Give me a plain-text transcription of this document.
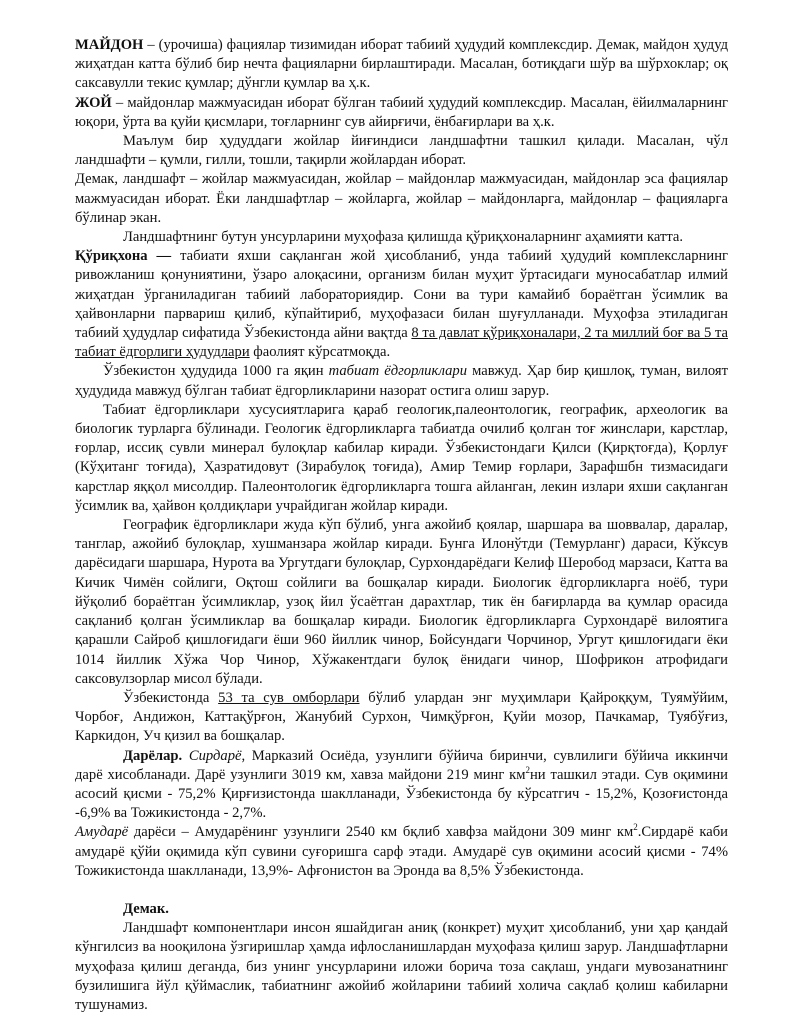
МАЙДОН – (урочиша) фациялар тизимидан иборат табиий ҳудудий комплексдир. Демак, майдон ҳудуд жиҳатдан катта бўлиб бир нечта фацияларни бирлаштиради. Масалан, ботиқдаги шўр ва шўрхоклар; оқ саксавулли текис қумлар; дўнгли қумлар ва ҳ.к.

ЖОЙ – майдонлар мажмуасидан иборат бўлган табиий ҳудудий комплексдир. Масалан, ёйилмаларнинг юқори, ўрта ва қуйи қисмлари, тоғларнинг сув айирғичи, ёнбағирлари ва ҳ.к.

Маълум бир ҳудуддаги жойлар йиғиндиси ландшафтни ташкил қилади. Масалан, чўл ландшафти – қумли, гилли, тошли, тақирли жойлардан иборат.

Демак, ландшафт – жойлар мажмуасидан, жойлар – майдонлар мажмуасидан, майдонлар эса фациялар мажмуасидан иборат. Ёки ландшафтлар – жойларга, жойлар – майдонларга, майдонлар – фацияларга бўлинар экан.

Ландшафтнинг бутун унсурларини муҳофаза қилишда қўриқхоналарнинг аҳамияти катта.

Қўриқхона — табиати яхши сақланган жой ҳисобланиб, унда табиий ҳудудий комплексларнинг ривожланиш қонуниятини, ўзаро алоқасини, организм билан муҳит ўртасидаги муносабатлар илмий жиҳатдан ўрганиладиган табиий лабораториядир. Сони ва тури камайиб бораётган ўсимлик ва ҳайвонларни парвариш қилиб, кўпайтириб, муҳофазаси билан шуғулланади. Муҳофза этиладиган табиий ҳудудлар сифатида Ўзбекистонда айни вақтда 8 та давлат қўриқхоналари, 2 та миллий боғ ва 5 та табиат ёдгорлиги ҳудудлари фаолият кўрсатмоқда.

Ўзбекистон ҳудудида 1000 га яқин табиат ёдгорликлари мавжуд. Ҳар бир қишлоқ, туман, вилоят ҳудудида мавжуд бўлган табиат ёдгорликларини назорат остига олиш зарур.

Табиат ёдгорликлари хусусиятларига қараб геологик,палеонтологик, географик, археологик ва биологик турларга бўлинади. Геологик ёдгорликларга табиатда очилиб қолган тоғ жинслари, карстлар, ғорлар, иссиқ сувли минерал булоқлар кабилар киради. Ўзбекистондаги Қилси (Қирқтоғда), Қорлуғ (Кўҳитанг тоғида), Ҳазратидовут (Зирабулоқ тоғида), Амир Темир ғорлари, Зарафшбн тизмасидаги карстлар яққол мисолдир. Палеонтологик ёдгорликларга тошга айланган, лекин излари яхши сақланган ўсимлик ва, ҳайвон қолдиқлари учрайдиган жойлар киради.

Географик ёдгорликлари жуда кўп бўлиб, унга ажойиб қоялар, шаршара ва шоввалар, даралар, танглар, ажойиб булоқлар, хушманзара жойлар киради. Бунга Илонўтди (Темурланг) дараси, Кўксув дарёсидаги шаршара, Нурота ва Ургутдаги булоқлар, Сурхондарёдаги Келиф Шеробод марзаси, Катта ва Кичик Чимён сойлиги, Оқтош сойлиги ва бошқалар киради. Биологик ёдгорликларга ноёб, тури йўқолиб бораётган ўсимликлар, узоқ йил ўсаётган дарахтлар, тик ён бағирларда ва қумлар орасида сақланиб қолган ўсимликлар ва бошқалар киради. Биологик ёдгорликларга Сурхондарё вилоятига қарашли Сайроб қишлоғидаги ёши 960 йиллик чинор, Бойсундаги Чорчинор, Ургут қишлоғидаги ёки 1014 йиллик Хўжа Чор Чинор, Хўжакентдаги булоқ ёнидаги чинор, Шофрикон атрофидаги саксовулзорлар мисол бўлади.

Ўзбекистонда 53 та сув омборлари бўлиб улардан энг муҳимлари Қайроққум, Туямўйим, Чорбоғ, Андижон, Каттақўрғон, Жанубий Сурхон, Чимқўрғон, Қуйи мозор, Пачкамар, Туябўғиз, Каркидон, Уч қизил ва бошқалар.

Дарёлар. Сирдарё, Марказий Осиёда, узунлиги бўйича биринчи, сувлилиги бўйича иккинчи дарё хисобланади. Дарё узунлиги 3019 км, хавза майдони 219 минг $км^2ни$ ташкил этади. Сув оқимини асосий қисми - 75,2% Қирғизистонда шаклланади, Ўзбекистонда бу кўрсатгич - 15,2%, Қозоғистонда -6,9% ва Тожикистонда - 2,7%.

Амударё дарёси – Амударёнинг узунлиги 2540 км бқлиб хавфза майдони 309 минг $км^2.Сирдарё$ каби амударё қўйи оқимида кўп сувини суғоришга сарф этади. Амударё сув оқимини асосий қисми - 74% Тожикистонда шаклланади, 13,9%- Афғонистон ва Эронда ва 8,5% Ўзбекистонда.

Демак.

Ландшафт компонентлари инсон яшайдиган аниқ (конкрет) муҳит ҳисобланиб, уни ҳар қандай кўнгилсиз ва нооқилона ўзгиришлар ҳамда ифлосланишлардан муҳофаза қилиш зарур. Ландшафтларни муҳофаза қилиш деганда, биз унинг унсурларини иложи борича тоза сақлаш, ундаги мувозанатнинг бузилишига йўл қўймаслик, табиатнинг ажойиб жойларини табиий холича сақлаб қолиш кабиларни тушунамиз.
